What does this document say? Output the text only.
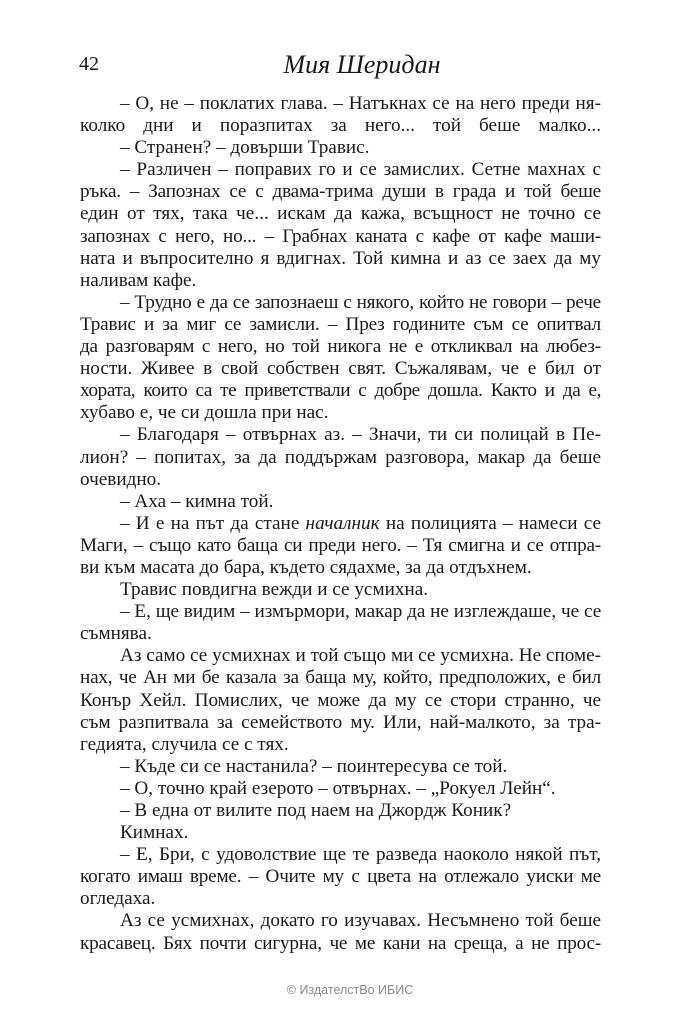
42	Мия Шеридан
– О, не – поклатих глава. – Натъкнах се на него преди ня-
колко дни и поразпитах за него... той беше малко...
– Странен? – довърши Травис.
– Различен – поправих го и се замислих. Сетне махнах с
ръка. – Запознах се с двама-трима души в града и той беше
един от тях, така че... искам да кажа, всъщност не точно се
запознах с него, но... – Грабнах каната с кафе от кафе маши-
ната и въпросително я вдигнах. Той кимна и аз се заех да му
наливам кафе.
– Трудно е да се запознаеш с някого, който не говори – рече
Травис и за миг се замисли. – През годините съм се опитвал
да разговарям с него, но той никога не е откликвал на любез-
ности. Живее в свой собствен свят. Съжалявам, че е бил от
хората, които са те приветствали с добре дошла. Както и да е,
хубаво е, че си дошла при нас.
– Благодаря – отвърнах аз. – Значи, ти си полицай в Пе-
лион? – попитах, за да поддържам разговора, макар да беше
очевидно.
– Аха – кимна той.
– И е на път да стане началник на полицията – намеси се
Маги, – също като баща си преди него. – Тя смигна и се отпра-
ви към масата до бара, където сядахме, за да отдъхнем.
Травис повдигна вежди и се усмихна.
– Е, ще видим – измърмори, макар да не изглеждаше, че се
съмнява.
Аз само се усмихнах и той също ми се усмихна. Не споме-
нах, че Ан ми бе казала за баща му, който, предположих, е бил
Конър Хейл. Помислих, че може да му се стори странно, че
съм разпитвала за семейството му. Или, най-малкото, за тра-
гедията, случила се с тях.
– Къде си се настанила? – поинтересува се той.
– О, точно край езерото – отвърнах. – „Рокуел Лейн“.
– В една от вилите под наем на Джордж Коник?
Кимнах.
– Е, Бри, с удоволствие ще те разведа наоколо някой път,
когато имаш време. – Очите му с цвета на отлежало уиски ме
огледаха.
Аз се усмихнах, докато го изучавах. Несъмнено той беше
красавец. Бях почти сигурна, че ме кани на среща, а не прос-
© ИздателстВо ИБИС
